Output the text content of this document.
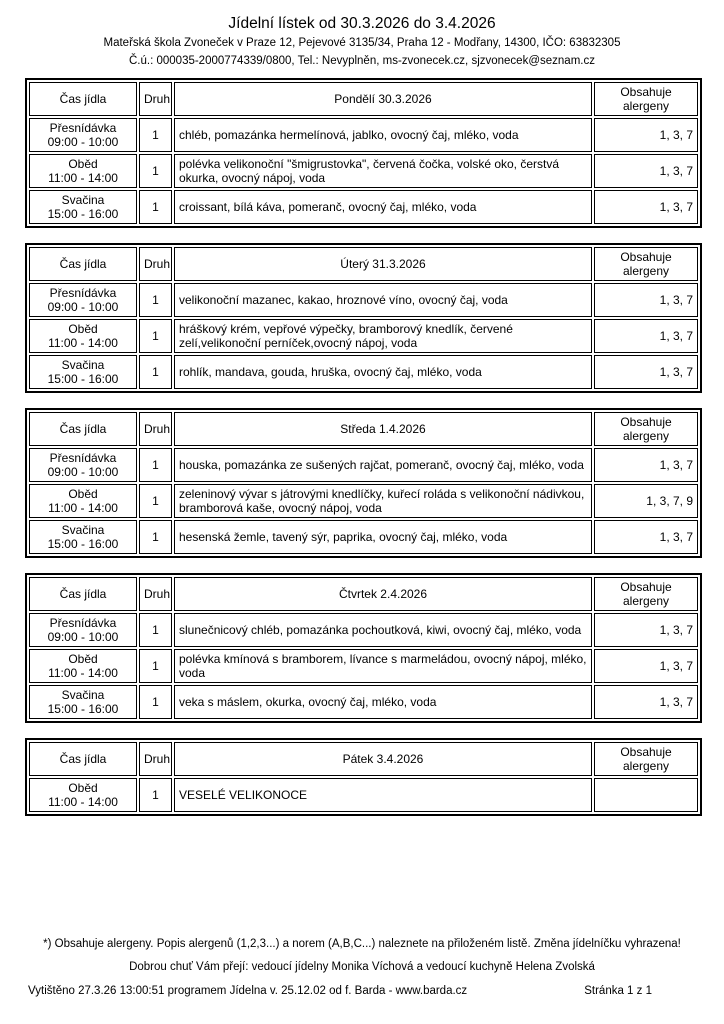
Jídelní lístek od 30.3.2026 do 3.4.2026
Mateřská škola Zvoneček v Praze 12, Pejevové 3135/34, Praha 12 - Modřany, 14300, IČO: 63832305
Č.ú.: 000035-2000774339/0800, Tel.: Nevyplněn, ms-zvonecek.cz, sjzvonecek@seznam.cz
Čas jídla	Druh	Pondělí 30.3.2026	Obsahuje alergeny

Přesnídávka
09:00 - 10:00	1	chléb, pomazánka hermelínová, jablko, ovocný čaj, mléko, voda	1, 3, 7

Oběd
11:00 - 14:00	1	polévka velikonoční "šmigrustovka", červená čočka, volské oko, čerstvá okurka, ovocný nápoj, voda	1, 3, 7

Svačina
15:00 - 16:00	1	croissant, bílá káva, pomeranč, ovocný čaj, mléko, voda	1, 3, 7
Čas jídla	Druh	Úterý 31.3.2026	Obsahuje alergeny

Přesnídávka
09:00 - 10:00	1	velikonoční mazanec, kakao, hroznové víno, ovocný čaj, voda	1, 3, 7

Oběd
11:00 - 14:00	1	hráškový krém, vepřové výpečky, bramborový knedlík, červené zelí,velikonoční perníček,ovocný nápoj, voda	1, 3, 7

Svačina
15:00 - 16:00	1	rohlík, mandava, gouda, hruška, ovocný čaj, mléko, voda	1, 3, 7
Čas jídla	Druh	Středa 1.4.2026	Obsahuje alergeny

Přesnídávka
09:00 - 10:00	1	houska, pomazánka ze sušených rajčat, pomeranč, ovocný čaj, mléko, voda	1, 3, 7

Oběd
11:00 - 14:00	1	zeleninový vývar s játrovými knedlíčky, kuřecí roláda s velikonoční nádivkou, bramborová kaše, ovocný nápoj, voda	1, 3, 7, 9

Svačina
15:00 - 16:00	1	hesenská žemle, tavený sýr, paprika, ovocný čaj, mléko, voda	1, 3, 7
Čas jídla	Druh	Čtvrtek 2.4.2026	Obsahuje alergeny

Přesnídávka
09:00 - 10:00	1	slunečnicový chléb, pomazánka pochoutková, kiwi, ovocný čaj, mléko, voda	1, 3, 7

Oběd
11:00 - 14:00	1	polévka kmínová s bramborem, lívance s marmeládou, ovocný nápoj, mléko, voda	1, 3, 7

Svačina
15:00 - 16:00	1	veka s máslem, okurka, ovocný čaj, mléko, voda	1, 3, 7
Čas jídla	Druh	Pátek 3.4.2026	Obsahuje alergeny

Oběd
11:00 - 14:00	1	VESELÉ VELIKONOCE	
*) Obsahuje alergeny. Popis alergenů (1,2,3...) a norem (A,B,C...) naleznete na přiloženém listě. Změna jídelníčku vyhrazena!
Dobrou chuť Vám přejí: vedoucí jídelny Monika Víchová a vedoucí kuchyně Helena Zvolská
Vytištěno 27.3.26 13:00:51 programem Jídelna v. 25.12.02 od f. Barda - www.barda.cz	Stránka 1 z 1
